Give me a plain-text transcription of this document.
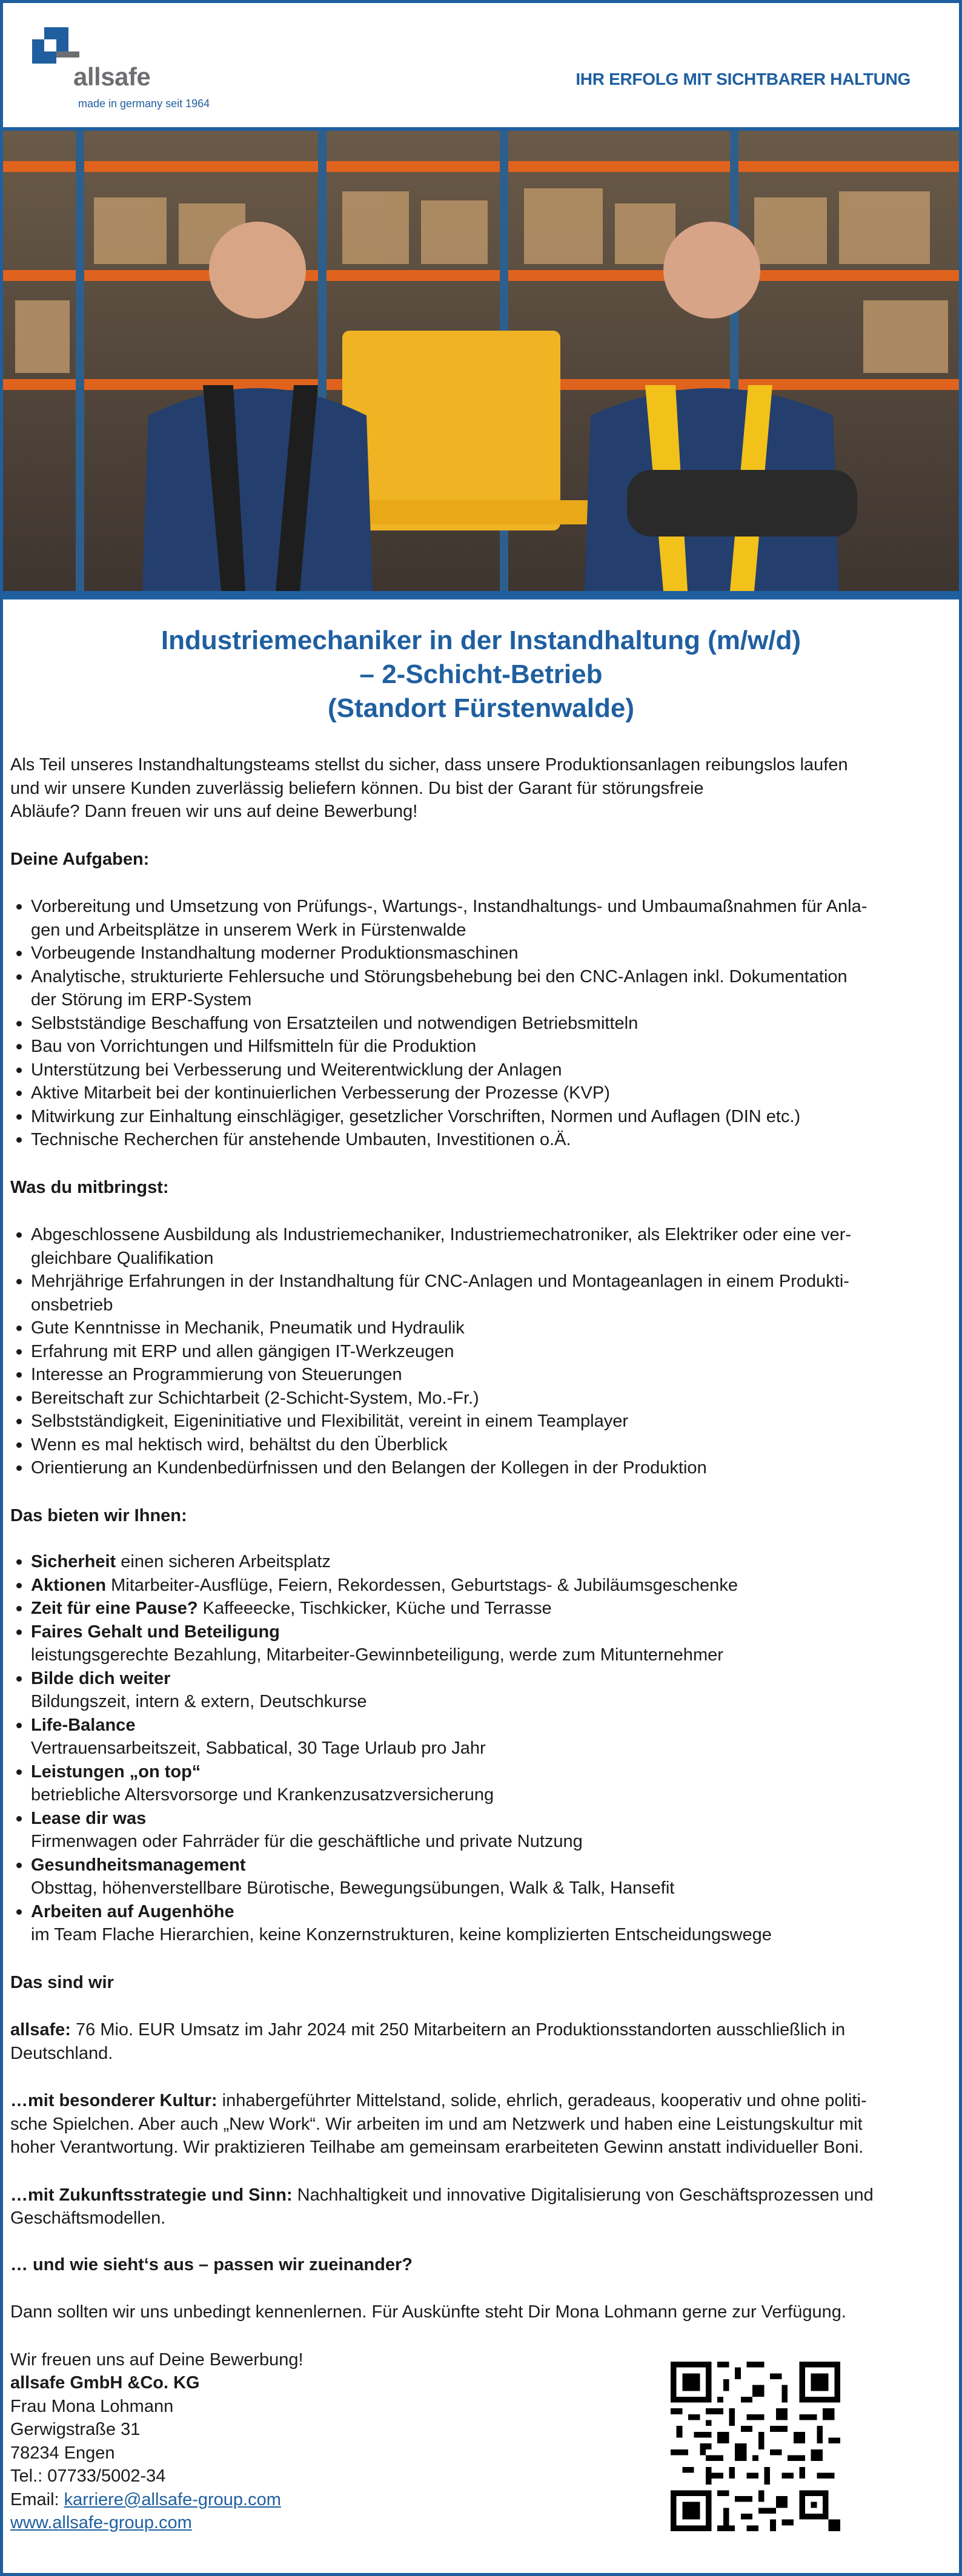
allsafe
made in germany seit 1964
IHR ERFOLG MIT SICHTBARER HALTUNG
Industriemechaniker in der Instandhaltung (m/w/d)
– 2-Schicht-Betrieb
(Standort Fürstenwalde)
Als Teil unseres Instandhaltungsteams stellst du sicher, dass unsere Produktionsanlagen reibungslos laufen
und wir unsere Kunden zuverlässig beliefern können. Du bist der Garant für störungsfreie
Abläufe? Dann freuen wir uns auf deine Bewerbung!
Deine Aufgaben:
Vorbereitung und Umsetzung von Prüfungs-, Wartungs-, Instandhaltungs- und Umbaumaßnahmen für Anla-
gen und Arbeitsplätze in unserem Werk in Fürstenwalde
Vorbeugende Instandhaltung moderner Produktionsmaschinen
Analytische, strukturierte Fehlersuche und Störungsbehebung bei den CNC-Anlagen inkl. Dokumentation
der Störung im ERP-System
Selbstständige Beschaffung von Ersatzteilen und notwendigen Betriebsmitteln
Bau von Vorrichtungen und Hilfsmitteln für die Produktion
Unterstützung bei Verbesserung und Weiterentwicklung der Anlagen
Aktive Mitarbeit bei der kontinuierlichen Verbesserung der Prozesse (KVP)
Mitwirkung zur Einhaltung einschlägiger, gesetzlicher Vorschriften, Normen und Auflagen (DIN etc.)
Technische Recherchen für anstehende Umbauten, Investitionen o.Ä.
Was du mitbringst:
Abgeschlossene Ausbildung als Industriemechaniker, Industriemechatroniker, als Elektriker oder eine ver-
gleichbare Qualifikation
Mehrjährige Erfahrungen in der Instandhaltung für CNC-Anlagen und Montageanlagen in einem Produkti-
onsbetrieb
Gute Kenntnisse in Mechanik, Pneumatik und Hydraulik
Erfahrung mit ERP und allen gängigen IT-Werkzeugen
Interesse an Programmierung von Steuerungen
Bereitschaft zur Schichtarbeit (2-Schicht-System, Mo.-Fr.)
Selbstständigkeit, Eigeninitiative und Flexibilität, vereint in einem Teamplayer
Wenn es mal hektisch wird, behältst du den Überblick
Orientierung an Kundenbedürfnissen und den Belangen der Kollegen in der Produktion
Das bieten wir Ihnen:
Sicherheit einen sicheren Arbeitsplatz
Aktionen Mitarbeiter-Ausflüge, Feiern, Rekordessen, Geburtstags- & Jubiläumsgeschenke
Zeit für eine Pause? Kaffeeecke, Tischkicker, Küche und Terrasse
Faires Gehalt und Beteiligung
leistungsgerechte Bezahlung, Mitarbeiter-Gewinnbeteiligung, werde zum Mitunternehmer
Bilde dich weiter
Bildungszeit, intern & extern, Deutschkurse
Life-Balance
Vertrauensarbeitszeit, Sabbatical, 30 Tage Urlaub pro Jahr
Leistungen „on top“
betriebliche Altersvorsorge und Krankenzusatzversicherung
Lease dir was
Firmenwagen oder Fahrräder für die geschäftliche und private Nutzung
Gesundheitsmanagement
Obsttag, höhenverstellbare Bürotische, Bewegungsübungen, Walk & Talk, Hansefit
Arbeiten auf Augenhöhe
im Team Flache Hierarchien, keine Konzernstrukturen, keine komplizierten Entscheidungswege
Das sind wir
allsafe: 76 Mio. EUR Umsatz im Jahr 2024 mit 250 Mitarbeitern an Produktionsstandorten ausschließlich in
Deutschland.
…mit besonderer Kultur: inhabergeführter Mittelstand, solide, ehrlich, geradeaus, kooperativ und ohne politi-
sche Spielchen. Aber auch „New Work“. Wir arbeiten im und am Netzwerk und haben eine Leistungskultur mit
hoher Verantwortung. Wir praktizieren Teilhabe am gemeinsam erarbeiteten Gewinn anstatt individueller Boni.
…mit Zukunftsstrategie und Sinn: Nachhaltigkeit und innovative Digitalisierung von Geschäftsprozessen und
Geschäftsmodellen.
… und wie sieht‘s aus – passen wir zueinander?
Dann sollten wir uns unbedingt kennenlernen. Für Auskünfte steht Dir Mona Lohmann gerne zur Verfügung.
Wir freuen uns auf Deine Bewerbung!
allsafe GmbH &Co. KG
Frau Mona Lohmann
Gerwigstraße 31
78234 Engen
Tel.: 07733/5002-34
Email: karriere@allsafe-group.com
www.allsafe-group.com
